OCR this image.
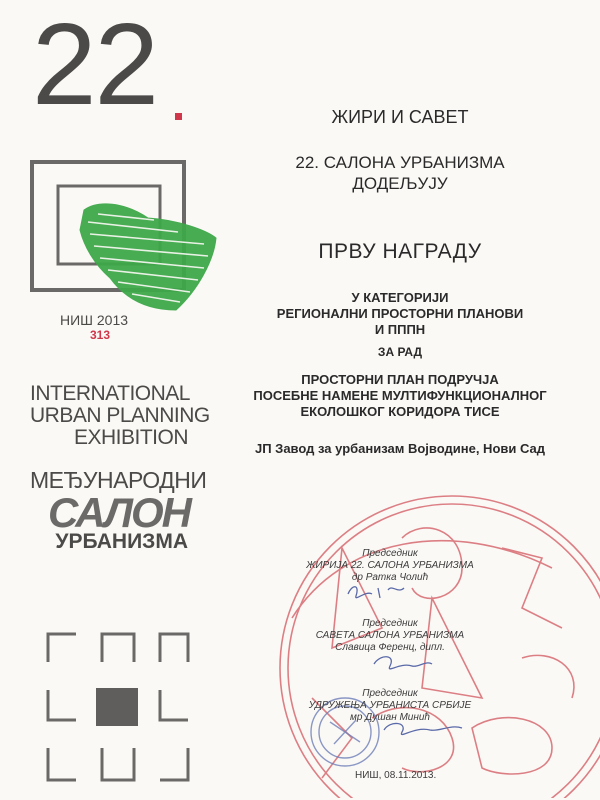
22
НИШ 2013
313
INTERNATIONAL
URBAN PLANNING
EXHIBITION
МЕЂУНАРОДНИ
САЛОН
УРБАНИЗМА
ЖИРИ И САВЕТ
22. САЛОНА УРБАНИЗМА
ДОДЕЉУЈУ
ПРВУ НАГРАДУ
У КАТЕГОРИЈИ
РЕГИОНАЛНИ ПРОСТОРНИ ПЛАНОВИ
И ПППН
ЗА РАД
ПРОСТОРНИ ПЛАН ПОДРУЧЈА
ПОСЕБНЕ НАМЕНЕ МУЛТИФУНКЦИОНАЛНОГ
ЕКОЛОШКОГ КОРИДОРА ТИСЕ
ЈП Завод за урбанизам Војводине, Нови Сад
Председник
ЖИРИЈА 22. САЛОНА УРБАНИЗМА
др Ратка Чолић
Председник
САВЕТА САЛОНА УРБАНИЗМА
Славица Ференц, дипл.
Председник
УДРУЖЕЊА УРБАНИСТА СРБИЈЕ
мр Душан Минић
НИШ, 08.11.2013.
